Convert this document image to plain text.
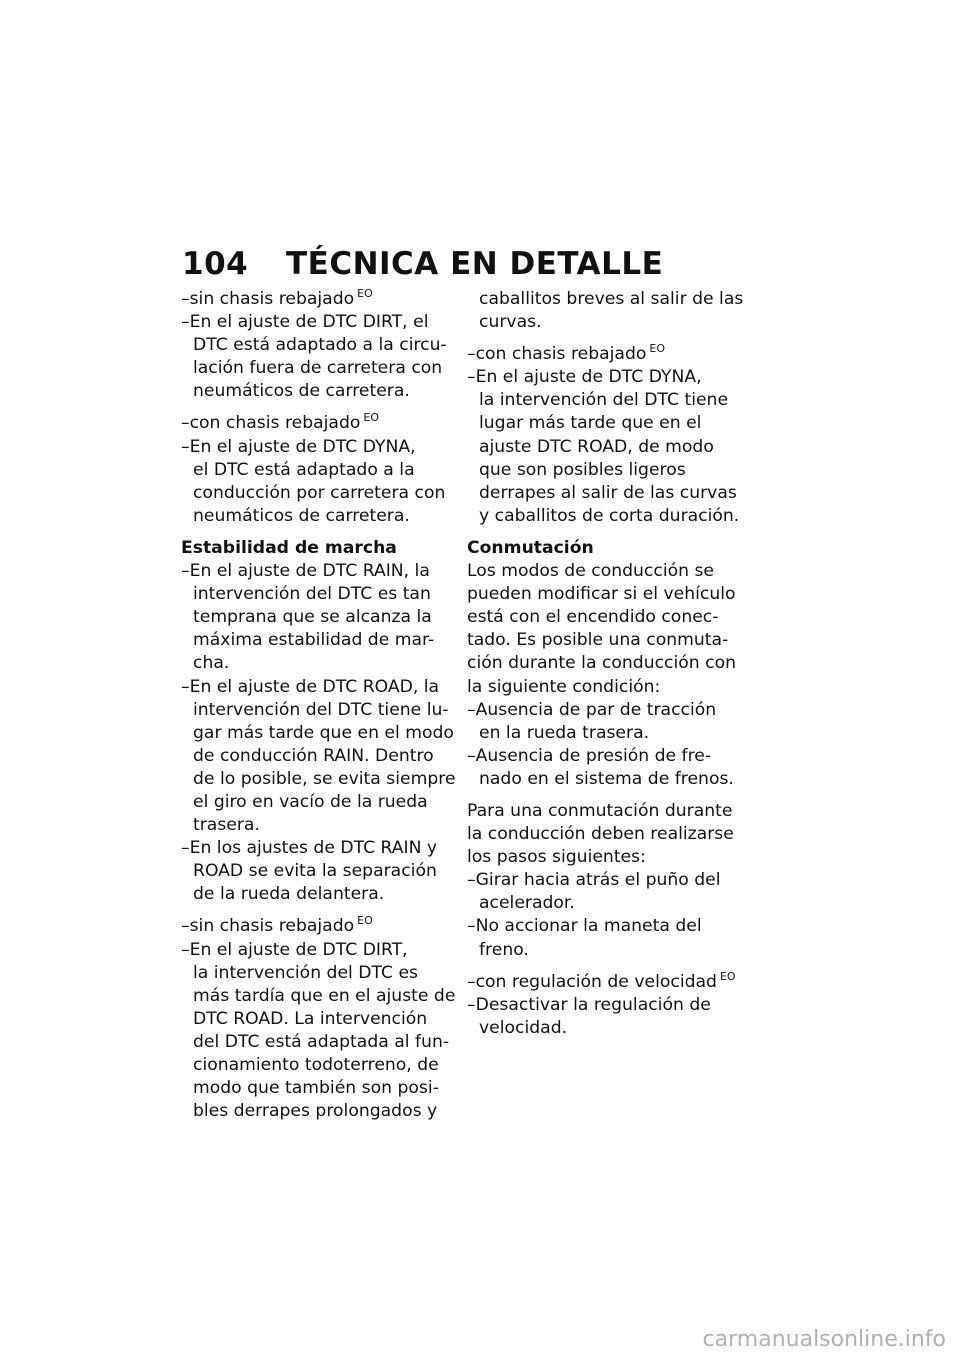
104 TÉCNICA EN DETALLE
–sin chasis rebajado $^{EO}$
–En el ajuste de DTC DIRT, el
DTC está adaptado a la circu-
lación fuera de carretera con
neumáticos de carretera.
–con chasis rebajado $^{EO}$
–En el ajuste de DTC DYNA,
el DTC está adaptado a la
conducción por carretera con
neumáticos de carretera.
Estabilidad de marcha
–En el ajuste de DTC RAIN, la
intervención del DTC es tan
temprana que se alcanza la
máxima estabilidad de mar-
cha.
–En el ajuste de DTC ROAD, la
intervención del DTC tiene lu-
gar más tarde que en el modo
de conducción RAIN. Dentro
de lo posible, se evita siempre
el giro en vacío de la rueda
trasera.
–En los ajustes de DTC RAIN y
ROAD se evita la separación
de la rueda delantera.
–sin chasis rebajado $^{EO}$
–En el ajuste de DTC DIRT,
la intervención del DTC es
más tardía que en el ajuste de
DTC ROAD. La intervención
del DTC está adaptada al fun-
cionamiento todoterreno, de
modo que también son posi-
bles derrapes prolongados y
caballitos breves al salir de las
curvas.
–con chasis rebajado $^{EO}$
–En el ajuste de DTC DYNA,
la intervención del DTC tiene
lugar más tarde que en el
ajuste DTC ROAD, de modo
que son posibles ligeros
derrapes al salir de las curvas
y caballitos de corta duración.
Conmutación
Los modos de conducción se
pueden modificar si el vehículo
está con el encendido conec-
tado. Es posible una conmuta-
ción durante la conducción con
la siguiente condición:
–Ausencia de par de tracción
en la rueda trasera.
–Ausencia de presión de fre-
nado en el sistema de frenos.
Para una conmutación durante
la conducción deben realizarse
los pasos siguientes:
–Girar hacia atrás el puño del
acelerador.
–No accionar la maneta del
freno.
–con regulación de velocidad $^{EO}$
–Desactivar la regulación de
velocidad.
carmanualsonline.info
